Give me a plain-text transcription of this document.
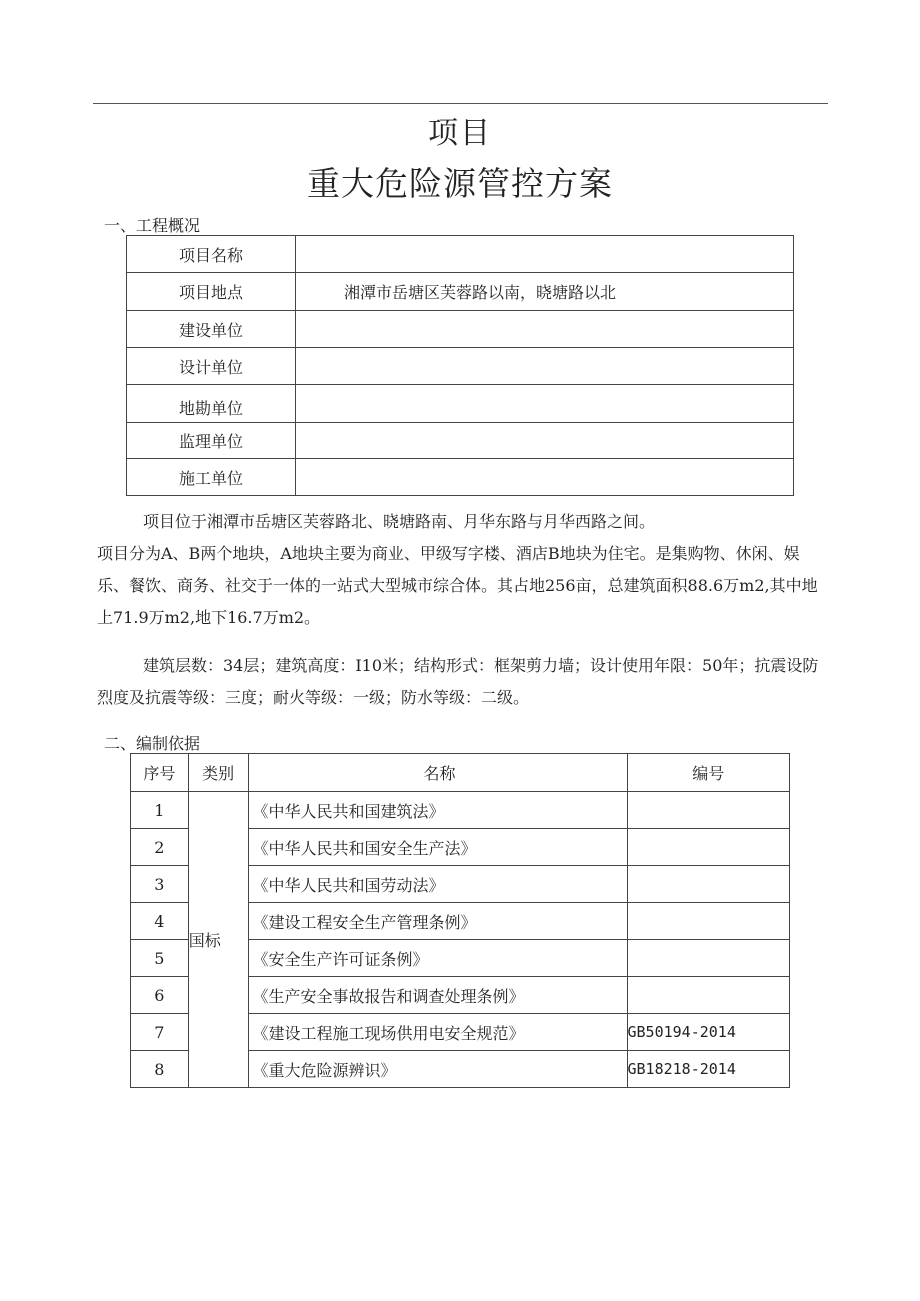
项目
重大危险源管控方案
一、工程概况
项目名称	
项目地点	湘潭市岳塘区芙蓉路以南，晓塘路以北
建设单位	
设计单位	
地勘单位	
监理单位	
施工单位	
项目位于湘潭市岳塘区芙蓉路北、晓塘路南、月华东路与月华西路之间。
项目分为A、B两个地块，A地块主要为商业、甲级写字楼、酒店B地块为住宅。是集购物、休闲、娱乐、餐饮、商务、社交于一体的一站式大型城市综合体。其占地256亩，总建筑面积88.6万m2,其中地上71.9万m2,地下16.7万m2。
建筑层数：34层；建筑高度：I10米；结构形式：框架剪力墙；设计使用年限：50年；抗震设防烈度及抗震等级：三度；耐火等级：一级；防水等级：二级。
二、编制依据
序号	类别	名称	编号
1	国标	《中华人民共和国建筑法》	
2		《中华人民共和国安全生产法》	
3		《中华人民共和国劳动法》	
4		《建设工程安全生产管理条例》	
5		《安全生产许可证条例》	
6		《生产安全事故报告和调查处理条例》	
7		《建设工程施工现场供用电安全规范》	GB50194-2014
8		《重大危险源辨识》	GB18218-2014
